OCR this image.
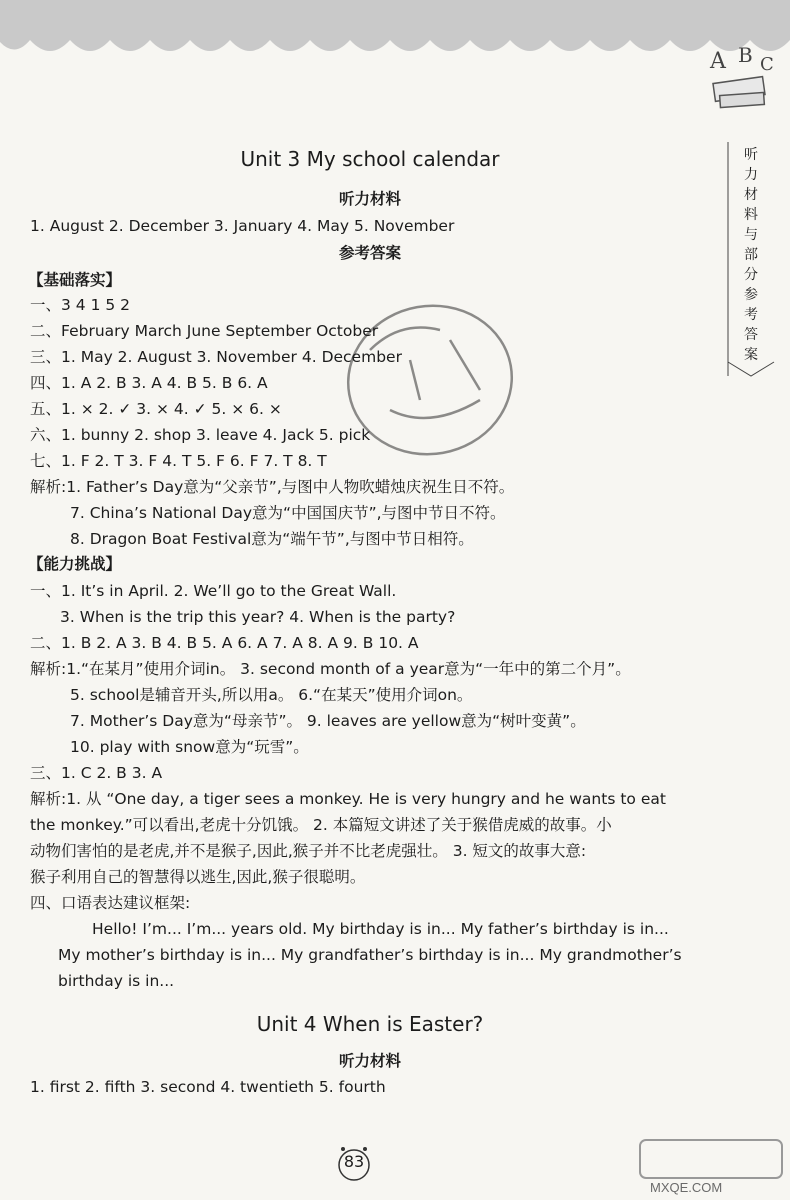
A B C
听
力
材
料
与
部
分
参
考
答
案
Unit 3 My school calendar
听力材料
1. August 2. December 3. January 4. May 5. November
参考答案
【基础落实】
一、3 4 1 5 2
二、February March June September October
三、1. May 2. August 3. November 4. December
四、1. A 2. B 3. A 4. B 5. B 6. A
五、1. × 2. ✓ 3. × 4. ✓ 5. × 6. ×
六、1. bunny 2. shop 3. leave 4. Jack 5. pick
七、1. F 2. T 3. F 4. T 5. F 6. F 7. T 8. T
解析:1. Father’s Day意为“父亲节”,与图中人物吹蜡烛庆祝生日不符。
7. China’s National Day意为“中国国庆节”,与图中节日不符。
8. Dragon Boat Festival意为“端午节”,与图中节日相符。
【能力挑战】
一、1. It’s in April. 2. We’ll go to the Great Wall.
3. When is the trip this year? 4. When is the party?
二、1. B 2. A 3. B 4. B 5. A 6. A 7. A 8. A 9. B 10. A
解析:1.“在某月”使用介词in。 3. second month of a year意为“一年中的第二个月”。
5. school是辅音开头,所以用a。 6.“在某天”使用介词on。
7. Mother’s Day意为“母亲节”。 9. leaves are yellow意为“树叶变黄”。
10. play with snow意为“玩雪”。
三、1. C 2. B 3. A
解析:1. 从 “One day, a tiger sees a monkey. He is very hungry and he wants to eat
the monkey.”可以看出,老虎十分饥饿。 2. 本篇短文讲述了关于猴借虎威的故事。小
动物们害怕的是老虎,并不是猴子,因此,猴子并不比老虎强壮。 3. 短文的故事大意:
猴子利用自己的智慧得以逃生,因此,猴子很聪明。
四、口语表达建议框架:
Hello! I’m... I’m... years old. My birthday is in... My father’s birthday is in...
My mother’s birthday is in... My grandfather’s birthday is in... My grandmother’s
birthday is in...
Unit 4 When is Easter?
听力材料
1. first 2. fifth 3. second 4. twentieth 5. fourth
83
MXQE.COM
